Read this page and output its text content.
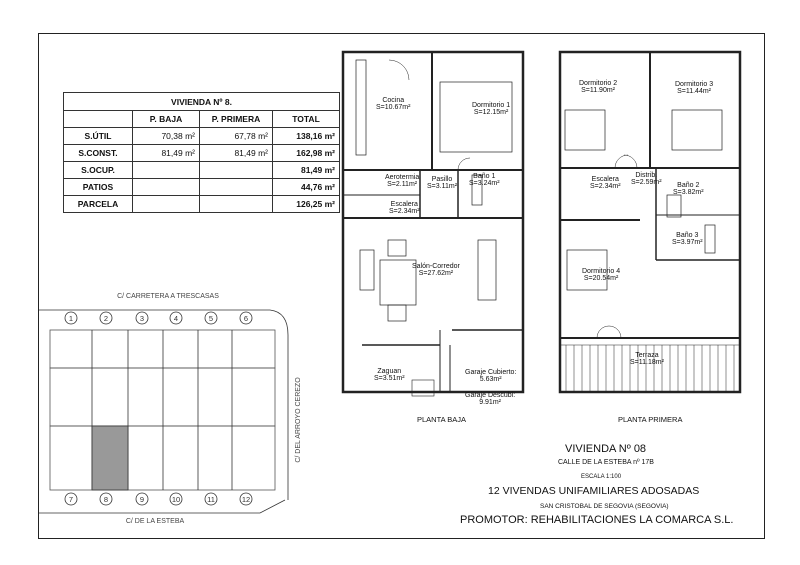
VIVIENDA Nº 8.			
	P. BAJA	P. PRIMERA	TOTAL
S.ÚTIL	70,38 m²	67,78 m²	138,16 m²
S.CONST.	81,49 m²	81,49 m²	162,98 m²
S.OCUP.			81,49 m²
PATIOS			44,76 m²
PARCELA			126,25 m²
C/ CARRETERA A TRESCASAS
C/ DE LA ESTEBA
C/ DEL ARROYO CEREZO
1	2	3	4	5	6
7	8	9	10	11	12
Cocina
S=10.67m²	Dormitorio 1
S=12.15m²
Aerotermia
S=2.11m²
Pasillo
S=3.11m²
Baño 1
S=3.24m²
Escalera
S=2.34m²
Salón-Corredor
S=27.62m²
Zaguan
S=3.51m²
Garaje Cubierto:
5.63m²
Garaje Descubi:
9.91m²
PLANTA BAJA
Dormitorio 2
S=11.90m²
Dormitorio 3
S=11.44m²
Escalera
S=2.34m²
Distrib.
S=2.59m²	Baño 2
S=3.82m²
Baño 3
S=3.97m²
Dormitorio 4
S=20.54m²
Terraza
S=11.18m²
PLANTA PRIMERA
VIVIENDA Nº 08
CALLE DE LA ESTEBA nº 17B
ESCALA 1:100
12 VIVENDAS UNIFAMILIARES ADOSADAS
SAN CRISTOBAL DE SEGOVIA (SEGOVIA)
PROMOTOR: REHABILITACIONES LA COMARCA S.L.
